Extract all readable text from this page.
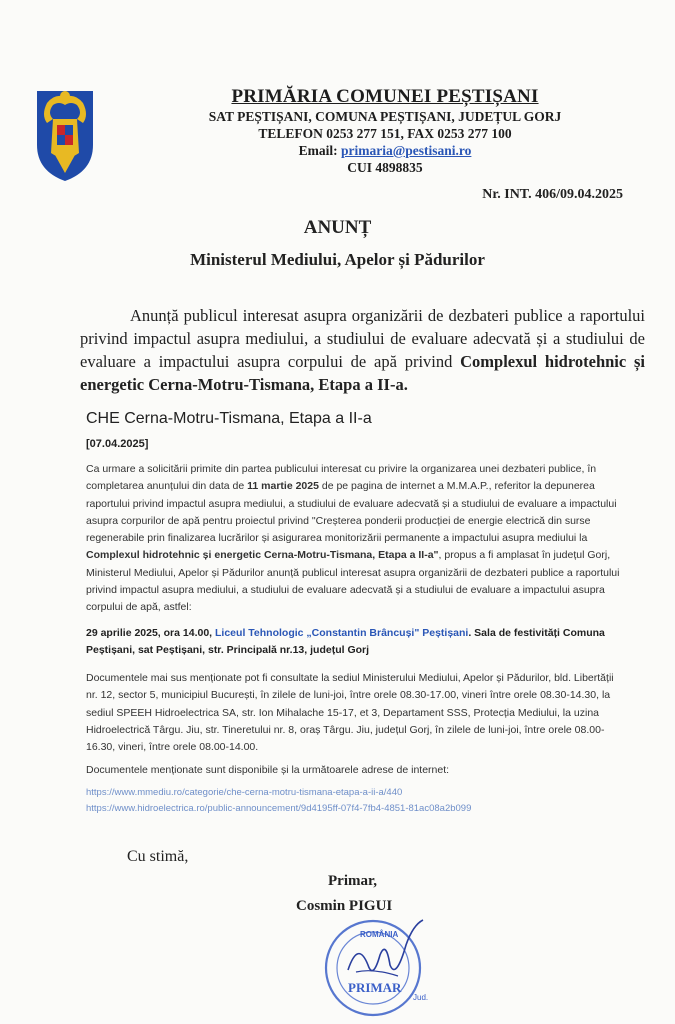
PRIMĂRIA COMUNEI PEȘTIȘANI
SAT PEȘTIȘANI, COMUNA PEȘTIȘANI, JUDEȚUL GORJ
TELEFON 0253 277 151, FAX 0253 277 100
Email: primaria@pestisani.ro
CUI 4898835
Nr. INT. 406/09.04.2025
ANUNȚ
Ministerul Mediului, Apelor și Pădurilor
Anunță publicul interesat asupra organizării de dezbateri publice a raportului privind impactul asupra mediului, a studiului de evaluare adecvată și a studiului de evaluare a impactului asupra corpului de apă privind Complexul hidrotehnic și energetic Cerna-Motru-Tismana, Etapa a II-a.
CHE Cerna-Motru-Tismana, Etapa a II-a
[07.04.2025]
Ca urmare a solicitării primite din partea publicului interesat cu privire la organizarea unei dezbateri publice, în completarea anunțului din data de 11 martie 2025 de pe pagina de internet a M.M.A.P., referitor la depunerea raportului privind impactul asupra mediului, a studiului de evaluare adecvată și a studiului de evaluare a impactului asupra corpurilor de apă pentru proiectul privind "Creșterea ponderii producției de energie electrică din surse regenerabile prin finalizarea lucrărilor și asigurarea monitorizării permanente a impactului asupra mediului la Complexul hidrotehnic și energetic Cerna-Motru-Tismana, Etapa a II-a", propus a fi amplasat în județul Gorj, Ministerul Mediului, Apelor și Pădurilor anunță publicul interesat asupra organizării de dezbateri publice a raportului privind impactul asupra mediului, a studiului de evaluare adecvată și a studiului de evaluare a impactului asupra corpului de apă, astfel:
29 aprilie 2025, ora 14.00, Liceul Tehnologic „Constantin Brâncuși" Peștișani. Sala de festivități Comuna Peștișani, sat Peștișani, str. Principală nr.13, județul Gorj
Documentele mai sus menționate pot fi consultate la sediul Ministerului Mediului, Apelor și Pădurilor, bld. Libertății nr. 12, sector 5, municipiul București, în zilele de luni-joi, între orele 08.30-17.00, vineri între orele 08.30-14.30, la sediul SPEEH Hidroelectrica SA, str. Ion Mihalache 15-17, et 3, Departament SSS, Protecția Mediului, la uzina Hidroelectrică Târgu. Jiu, str. Tineretului nr. 8, oraș Târgu. Jiu, județul Gorj, în zilele de luni-joi, între orele 08.00-16.30, vineri, între orele 08.00-14.00.
Documentele menționate sunt disponibile și la următoarele adrese de internet:
https://www.mmediu.ro/categorie/che-cerna-motru-tismana-etapa-a-ii-a/440
https://www.hidroelectrica.ro/public-announcement/9d4195ff-07f4-7fb4-4851-81ac08a2b099
Cu stimă,
Primar,
Cosmin PIGUI
ROMÂNIA
PRIMAR
Jud.
